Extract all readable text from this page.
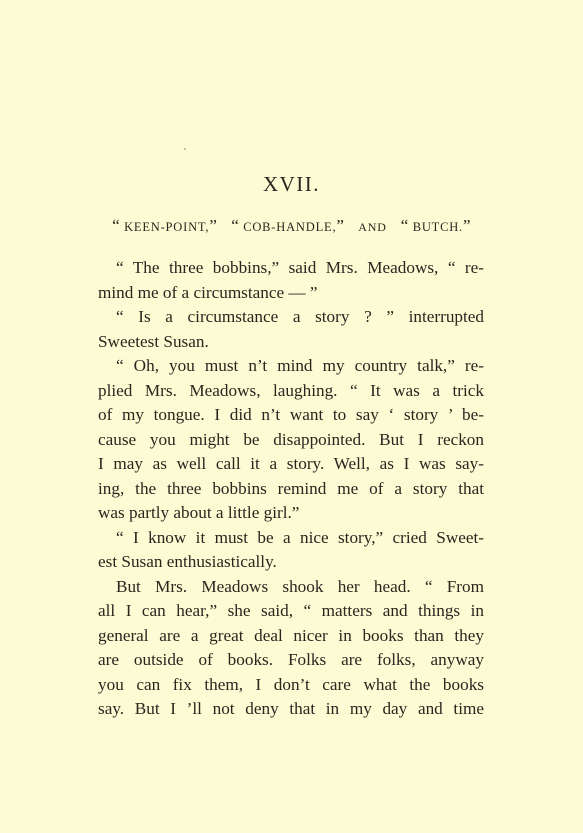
XVII.
“ KEEN-POINT,” “ COB-HANDLE,” AND “ BUTCH.”
“ The three bobbins,” said Mrs. Meadows, “ re-
mind me of a circumstance — ”
“ Is a circumstance a story ? ” interrupted
Sweetest Susan.
“ Oh, you must n’t mind my country talk,” re-
plied Mrs. Meadows, laughing. “ It was a trick
of my tongue. I did n’t want to say ‘ story ’ be-
cause you might be disappointed. But I reckon
I may as well call it a story. Well, as I was say-
ing, the three bobbins remind me of a story that
was partly about a little girl.”
“ I know it must be a nice story,” cried Sweet-
est Susan enthusiastically.
But Mrs. Meadows shook her head. “ From
all I can hear,” she said, “ matters and things in
general are a great deal nicer in books than they
are outside of books. Folks are folks, anyway
you can fix them, I don’t care what the books
say. But I ’ll not deny that in my day and time
